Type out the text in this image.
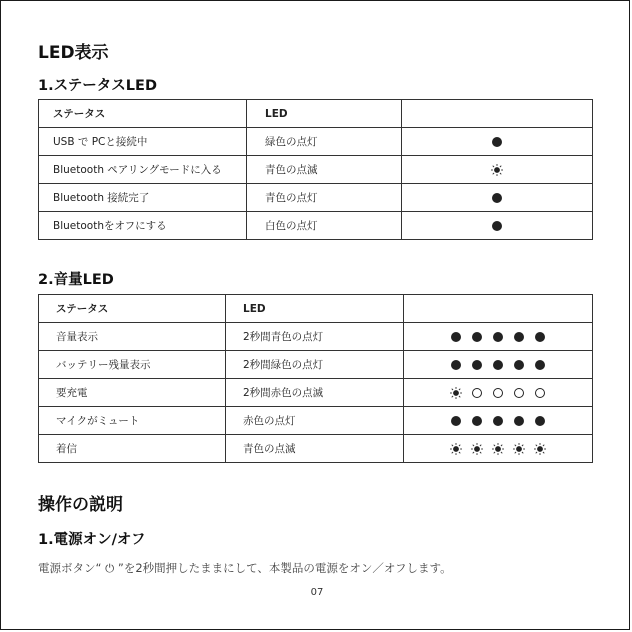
LED表示
1.ステータスLED
ステータス	LED	
USB で PCと接続中	緑色の点灯	

Bluetooth ペアリングモードに入る	青色の点滅	

Bluetooth 接続完了	青色の点灯	

Bluetoothをオフにする	白色の点灯	
2.音量LED
ステータス	LED	
音量表示	2秒間青色の点灯	

バッテリー残量表示	2秒間緑色の点灯	

要充電	2秒間赤色の点滅	

マイクがミュート	赤色の点灯	

着信	青色の点滅	
操作の説明
1.電源オン/オフ
電源ボタン“ ⏻ ”を2秒間押したままにして、本製品の電源をオン／オフします。
07
